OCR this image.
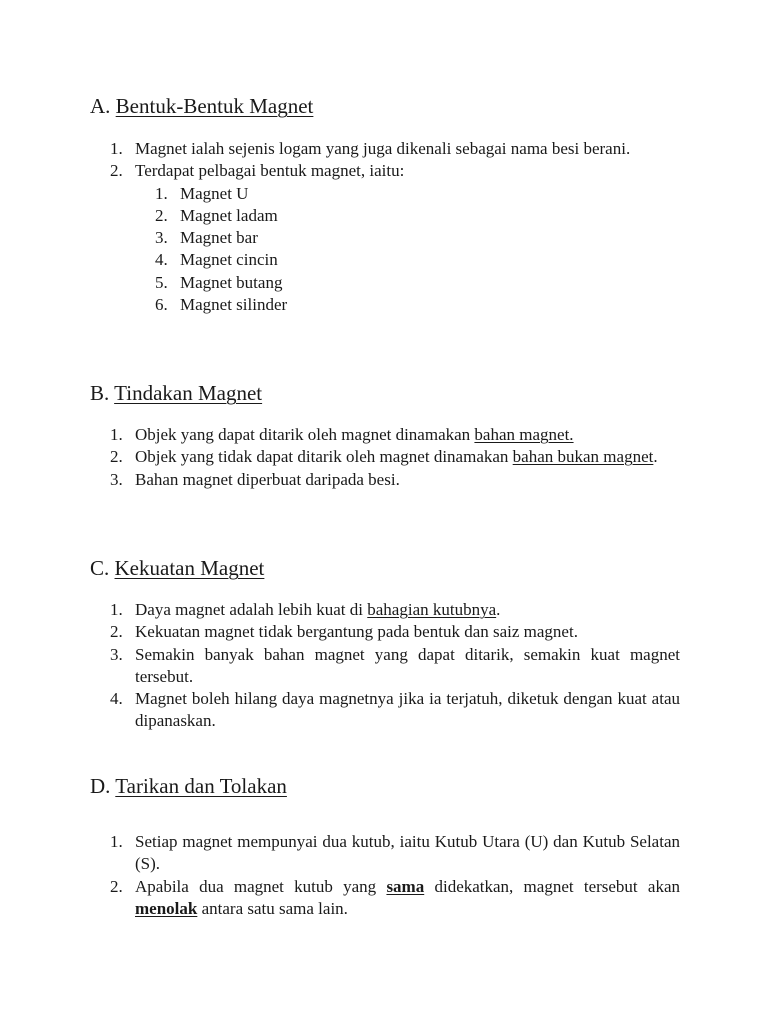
A. Bentuk-Bentuk Magnet
1. Magnet ialah sejenis logam yang juga dikenali sebagai nama besi berani.
2. Terdapat pelbagai bentuk magnet, iaitu:
1. Magnet U
2. Magnet ladam
3. Magnet bar
4. Magnet cincin
5. Magnet butang
6. Magnet silinder
B. Tindakan Magnet
1. Objek yang dapat ditarik oleh magnet dinamakan bahan magnet.
2. Objek yang tidak dapat ditarik oleh magnet dinamakan bahan bukan magnet.
3. Bahan magnet diperbuat daripada besi.
C. Kekuatan Magnet
1. Daya magnet adalah lebih kuat di bahagian kutubnya.
2. Kekuatan magnet tidak bergantung pada bentuk dan saiz magnet.
3. Semakin banyak bahan magnet yang dapat ditarik, semakin kuat magnet tersebut.
4. Magnet boleh hilang daya magnetnya jika ia terjatuh, diketuk dengan kuat atau dipanaskan.
D. Tarikan dan Tolakan
1. Setiap magnet mempunyai dua kutub, iaitu Kutub Utara (U) dan Kutub Selatan (S).
2. Apabila dua magnet kutub yang sama didekatkan, magnet tersebut akan menolak antara satu sama lain.
